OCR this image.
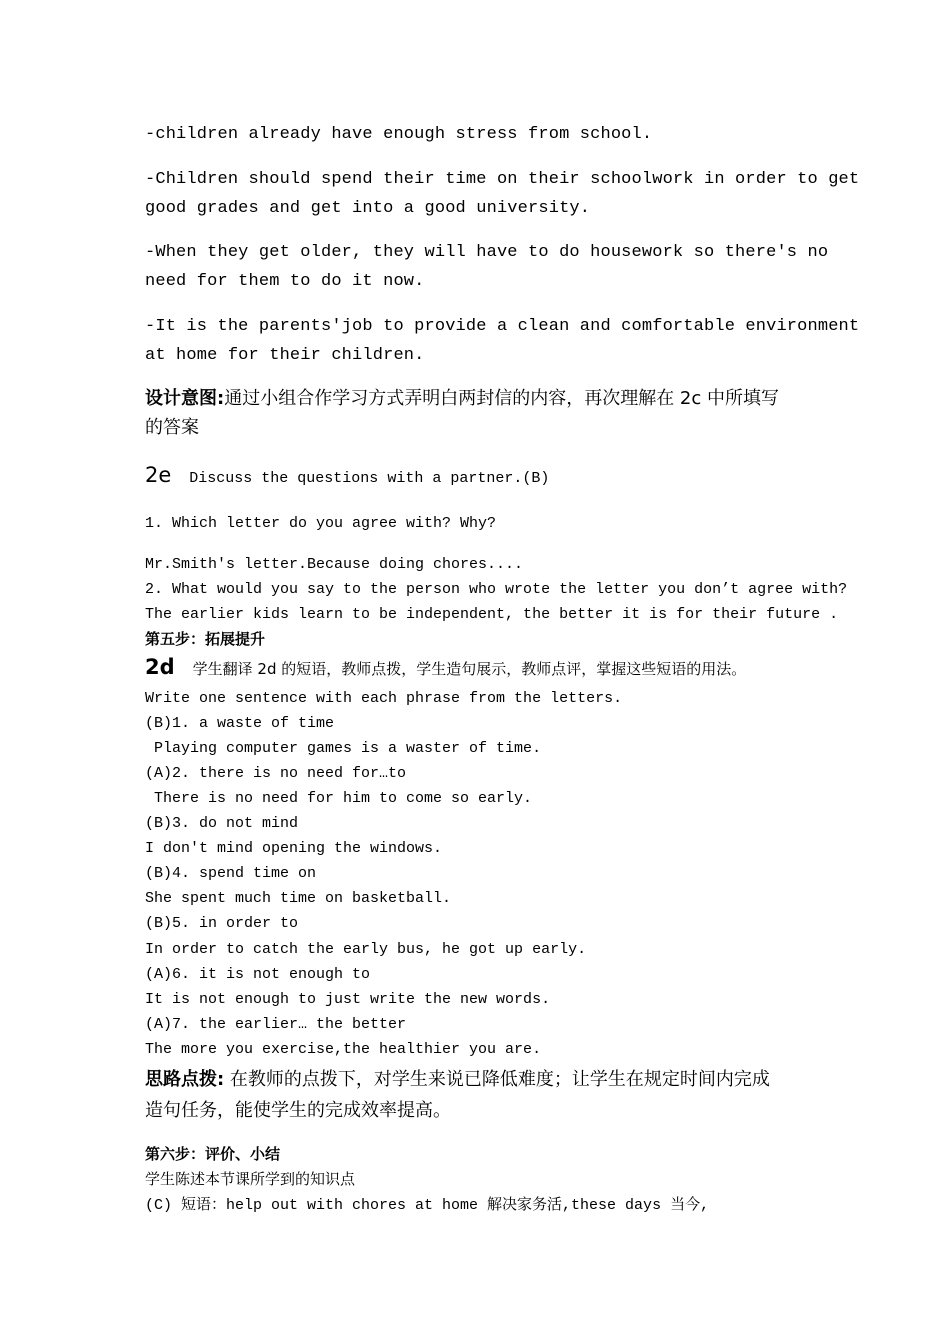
-children already have enough stress from school.
-Children should spend their time on their schoolwork in order to get
good grades and get into a good university.
-When they get older, they will have to do housework so there's no
need for them to do it now.
-It is the parents'job to provide a clean and comfortable environment
at home for their children.
设计意图:通过小组合作学习方式弄明白两封信的内容，再次理解在 2c 中所填写
的答案
2e Discuss the questions with a partner.(B)
1. Which letter do you agree with? Why?
Mr.Smith's letter.Because doing chores....
2. What would you say to the person who wrote the letter you don’t agree with?
The earlier kids learn to be independent, the better it is for their future .
第五步：拓展提升
2d 学生翻译 2d 的短语，教师点拨，学生造句展示，教师点评，掌握这些短语的用法。
Write one sentence with each phrase from the letters.
(B)1. a waste of time
Playing computer games is a waster of time.
(A)2. there is no need for…to
There is no need for him to come so early.
(B)3. do not mind
I don't mind opening the windows.
(B)4. spend time on
She spent much time on basketball.
(B)5. in order to
In order to catch the early bus, he got up early.
(A)6. it is not enough to
It is not enough to just write the new words.
(A)7. the earlier… the better
The more you exercise,the healthier you are.
思路点拨: 在教师的点拨下，对学生来说已降低难度；让学生在规定时间内完成
造句任务，能使学生的完成效率提高。
第六步：评价、小结
学生陈述本节课所学到的知识点
(C) 短语：help out with chores at home 解决家务活,these days 当今,
